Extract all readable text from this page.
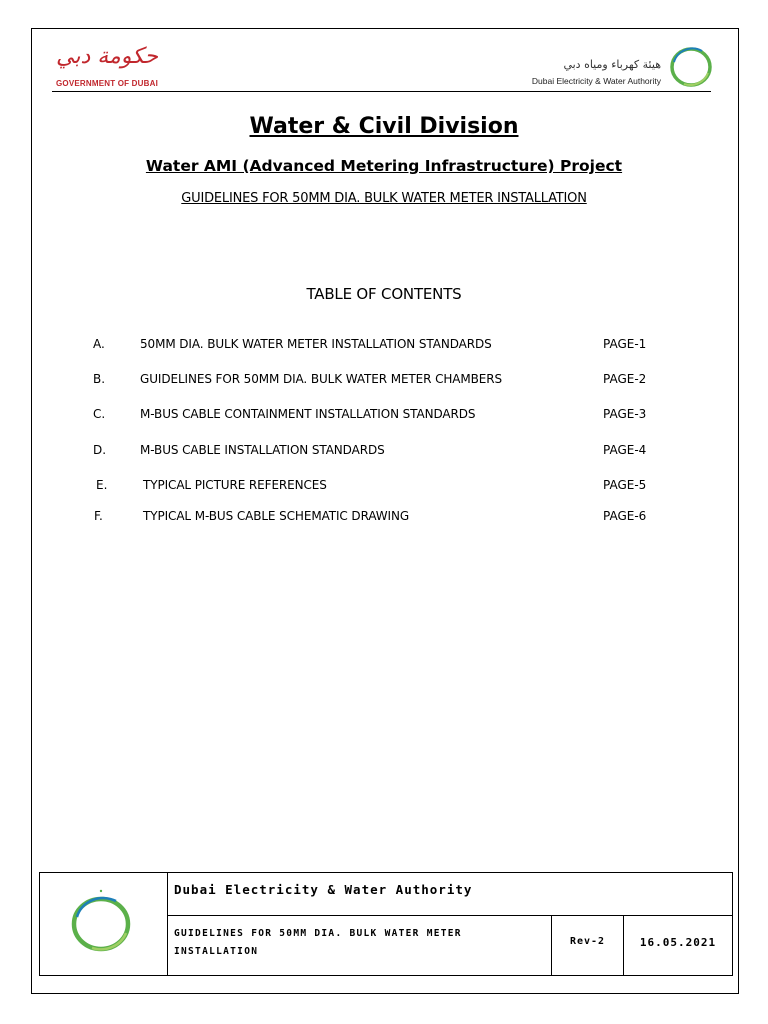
حكومة دبي
GOVERNMENT OF DUBAI
هيئة كهرباء ومياه دبي
Dubai Electricity & Water Authority
Water & Civil Division
Water AMI (Advanced Metering Infrastructure) Project
GUIDELINES FOR 50MM DIA. BULK WATER METER INSTALLATION
TABLE OF CONTENTS
A.	50MM DIA. BULK WATER METER INSTALLATION STANDARDS	PAGE-1
B.	GUIDELINES FOR 50MM DIA. BULK WATER METER CHAMBERS	PAGE-2
C.	M-BUS CABLE CONTAINMENT INSTALLATION STANDARDS	PAGE-3
D.	M-BUS CABLE INSTALLATION STANDARDS	PAGE-4
E.	TYPICAL PICTURE REFERENCES	PAGE-5
F.	TYPICAL M-BUS CABLE SCHEMATIC DRAWING	PAGE-6
Dubai Electricity & Water Authority
GUIDELINES FOR 50MM DIA. BULK WATER METER INSTALLATION
Rev-2	16.05.2021
